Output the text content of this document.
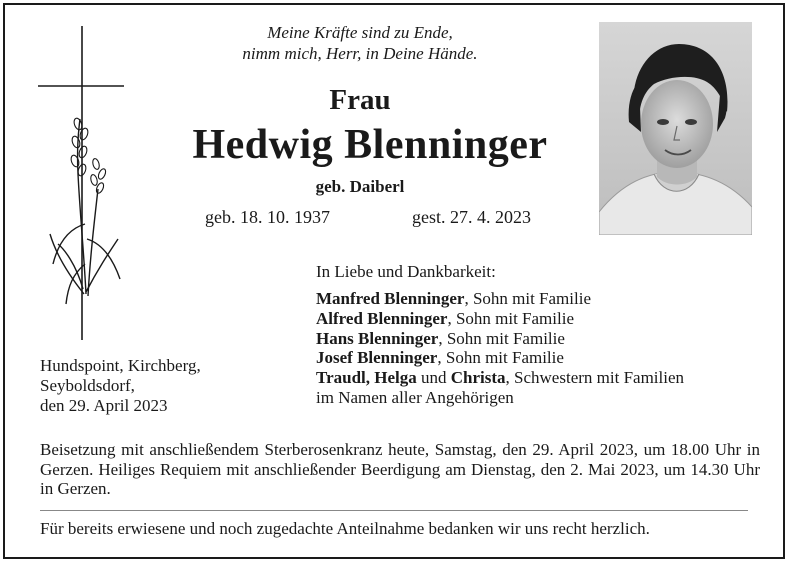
Meine Kräfte sind zu Ende,
nimm mich, Herr, in Deine Hände.
Frau
Hedwig Blenninger
geb. Daiberl
geb. 18. 10. 1937	gest. 27. 4. 2023
In Liebe und Dankbarkeit:
Manfred Blenninger, Sohn mit Familie
Alfred Blenninger, Sohn mit Familie
Hans Blenninger, Sohn mit Familie
Josef Blenninger, Sohn mit Familie
Traudl, Helga und Christa, Schwestern mit Familien
im Namen aller Angehörigen
Hundspoint, Kirchberg,
Seyboldsdorf,
den 29. April 2023
Beisetzung mit anschließendem Sterberosenkranz heute, Samstag, den 29. April 2023, um 18.00 Uhr in Gerzen. Heiliges Requiem mit anschließender Beerdigung am Dienstag, den 2. Mai 2023, um 14.30 Uhr in Gerzen.
Für bereits erwiesene und noch zugedachte Anteilnahme bedanken wir uns recht herzlich.
